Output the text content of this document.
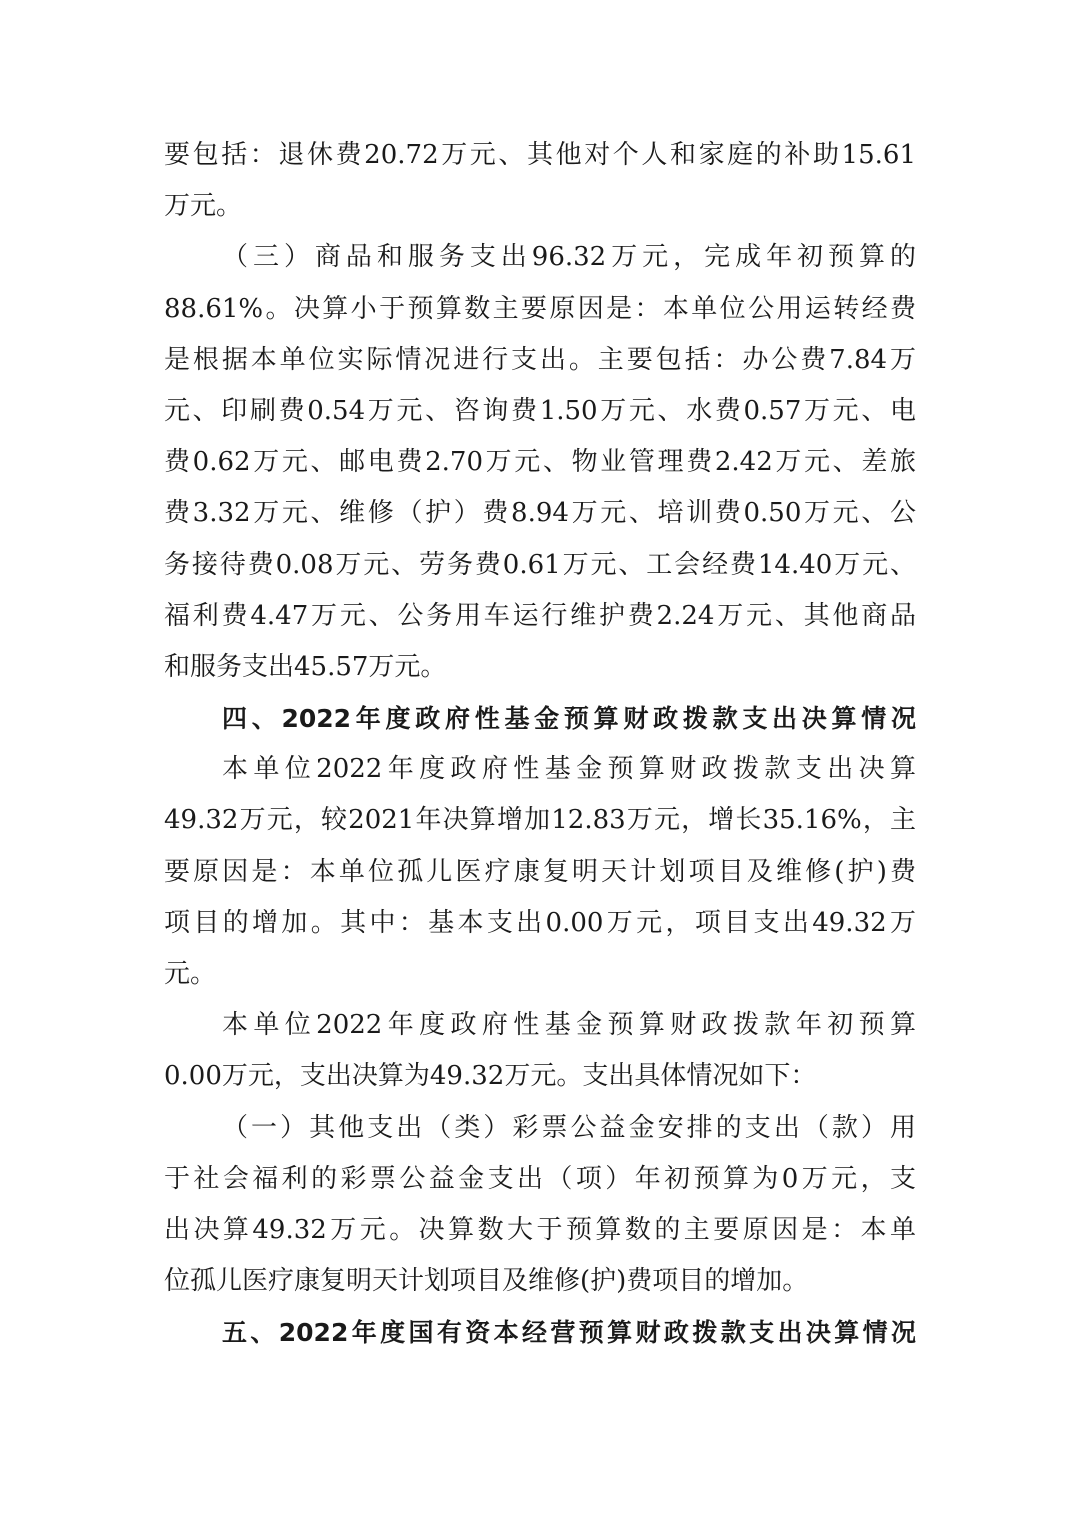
要包括：退休费20.72万元、其他对个人和家庭的补助15.61
万元。
（三）商品和服务支出96.32万元，完成年初预算的
88.61%。决算小于预算数主要原因是：本单位公用运转经费
是根据本单位实际情况进行支出。主要包括：办公费7.84万
元、印刷费0.54万元、咨询费1.50万元、水费0.57万元、电
费0.62万元、邮电费2.70万元、物业管理费2.42万元、差旅
费3.32万元、维修（护）费8.94万元、培训费0.50万元、公
务接待费0.08万元、劳务费0.61万元、工会经费14.40万元、
福利费4.47万元、公务用车运行维护费2.24万元、其他商品
和服务支出45.57万元。
四、2022年度政府性基金预算财政拨款支出决算情况
本单位2022年度政府性基金预算财政拨款支出决算
49.32万元，较2021年决算增加12.83万元，增长35.16%，主
要原因是：本单位孤儿医疗康复明天计划项目及维修(护)费
项目的增加。其中：基本支出0.00万元，项目支出49.32万
元。
本单位2022年度政府性基金预算财政拨款年初预算
0.00万元，支出决算为49.32万元。支出具体情况如下：
（一）其他支出（类）彩票公益金安排的支出（款）用
于社会福利的彩票公益金支出（项）年初预算为0万元，支
出决算49.32万元。决算数大于预算数的主要原因是：本单
位孤儿医疗康复明天计划项目及维修(护)费项目的增加。
五、2022年度国有资本经营预算财政拨款支出决算情况
